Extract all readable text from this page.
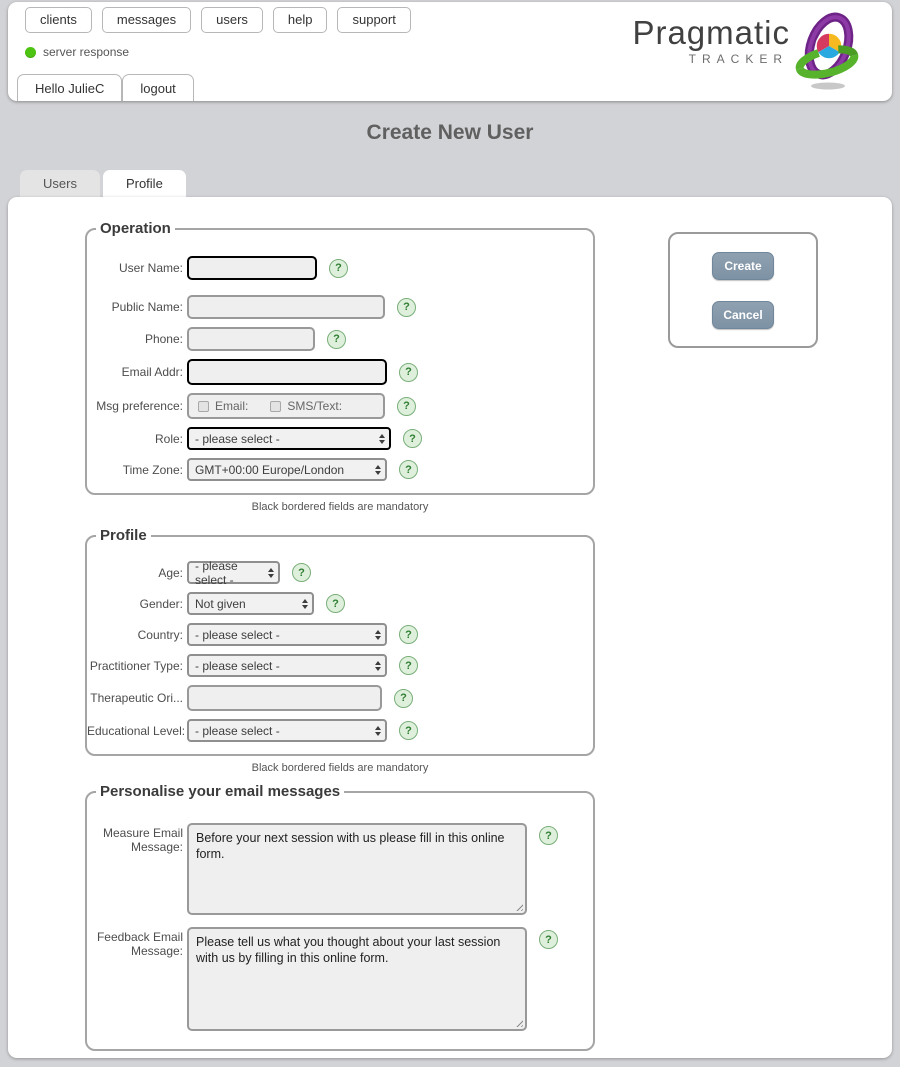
clients	messages	users	help	support
server response
Hello JulieC	logout
Pragmatic
TRACKER
Create New User
Users	Profile
Operation
User Name:	?
Public Name:	?
Phone:	?
Email Addr:	?
Msg preference:	Email:	SMS/Text:	?
Role:	- please select -	?
Time Zone:	GMT+00:00 Europe/London	?
Black bordered fields are mandatory
Profile
Age:	- please select -	?
Gender:	Not given	?
Country:	- please select -	?
Practitioner Type:	- please select -	?
Therapeutic Ori...	?
Educational Level: - please select -	?
Black bordered fields are mandatory
Personalise your email messages
Measure Email Message:
Before your next session with us please fill in this online form.
?
Feedback Email Message:
Please tell us what you thought about your last session with us by filling in this online form.
?
Create
Cancel
